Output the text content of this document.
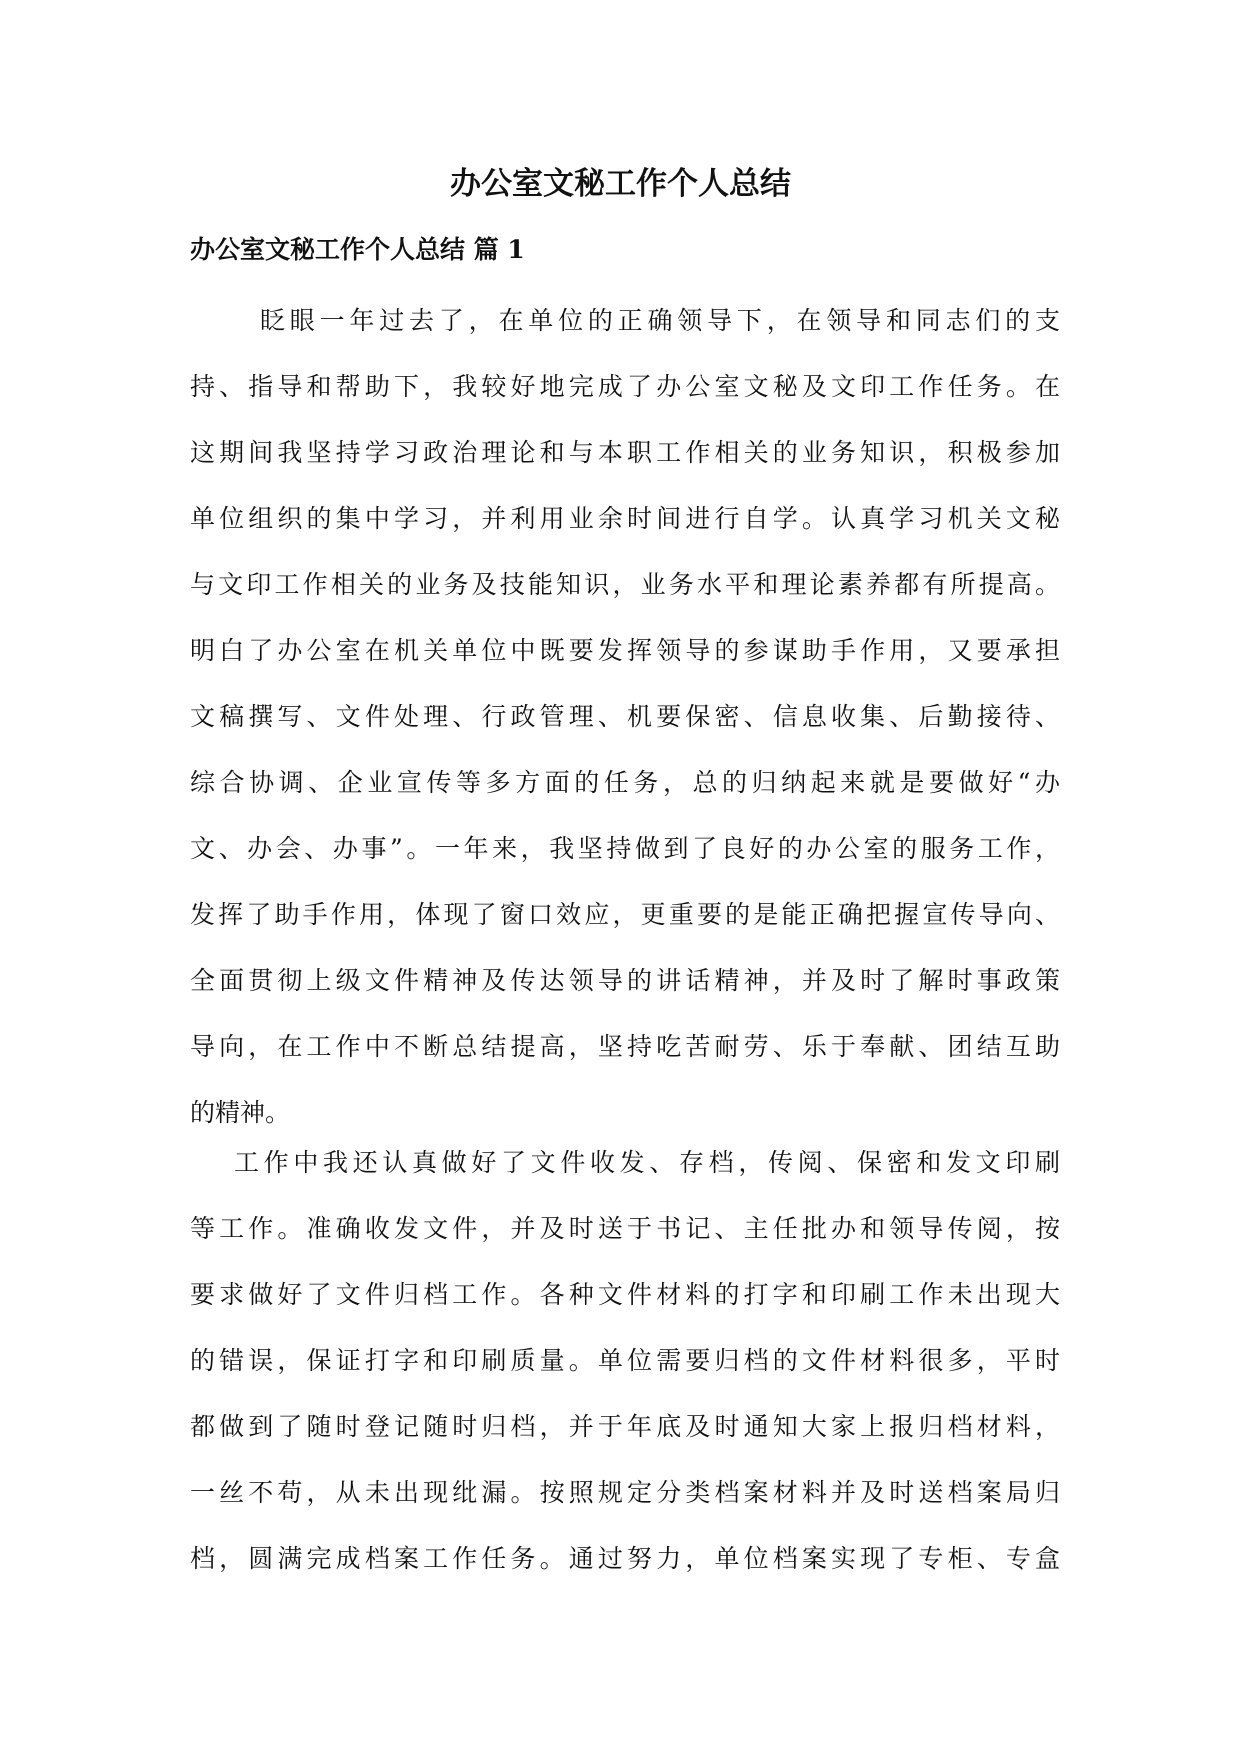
办公室文秘工作个人总结
办公室文秘工作个人总结 篇 1
眨眼一年过去了，在单位的正确领导下，在领导和同志们的支
持、指导和帮助下，我较好地完成了办公室文秘及文印工作任务。在
这期间我坚持学习政治理论和与本职工作相关的业务知识，积极参加
单位组织的集中学习，并利用业余时间进行自学。认真学习机关文秘
与文印工作相关的业务及技能知识，业务水平和理论素养都有所提高。
明白了办公室在机关单位中既要发挥领导的参谋助手作用，又要承担
文稿撰写、文件处理、行政管理、机要保密、信息收集、后勤接待、
综合协调、企业宣传等多方面的任务，总的归纳起来就是要做好“办
文、办会、办事”。一年来，我坚持做到了良好的办公室的服务工作，
发挥了助手作用，体现了窗口效应，更重要的是能正确把握宣传导向、
全面贯彻上级文件精神及传达领导的讲话精神，并及时了解时事政策
导向，在工作中不断总结提高，坚持吃苦耐劳、乐于奉献、团结互助
的精神。
工作中我还认真做好了文件收发、存档，传阅、保密和发文印刷
等工作。准确收发文件，并及时送于书记、主任批办和领导传阅，按
要求做好了文件归档工作。各种文件材料的打字和印刷工作未出现大
的错误，保证打字和印刷质量。单位需要归档的文件材料很多，平时
都做到了随时登记随时归档，并于年底及时通知大家上报归档材料，
一丝不苟，从未出现纰漏。按照规定分类档案材料并及时送档案局归
档，圆满完成档案工作任务。通过努力，单位档案实现了专柜、专盒
